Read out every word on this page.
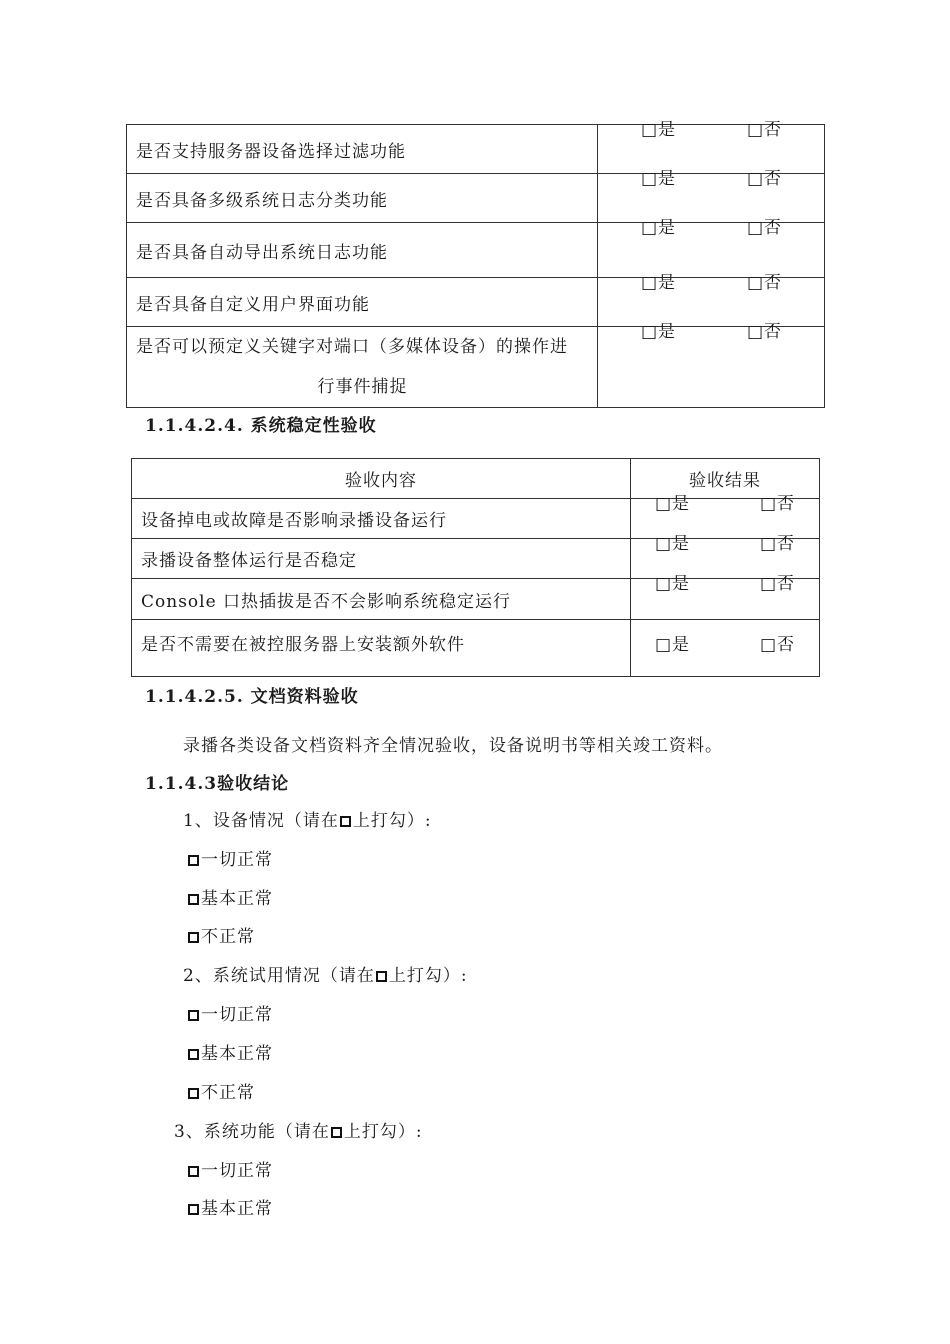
是否支持服务器设备选择过滤功能	□是 □否

是否具备多级系统日志分类功能	□是 □否

是否具备自动导出系统日志功能	□是 □否

是否具备自定义用户界面功能	□是 □否

是否可以预定义关键字对端口（多媒体设备）的操作进
行事件捕捉	□是 □否
1.1.4.2.4. 系统稳定性验收
验收内容	验收结果
设备掉电或故障是否影响录播设备运行	□是 □否

录播设备整体运行是否稳定	□是 □否

Console 口热插拔是否不会影响系统稳定运行	□是 □否

是否不需要在被控服务器上安装额外软件	□是 □否
1.1.4.2.5. 文档资料验收
录播各类设备文档资料齐全情况验收，设备说明书等相关竣工资料。
1.1.4.3验收结论
1、设备情况（请在 上打勾）:
一切正常
基本正常
不正常
2、系统试用情况（请在 上打勾）:
一切正常
基本正常
不正常
3、系统功能（请在 上打勾）:
一切正常
基本正常
